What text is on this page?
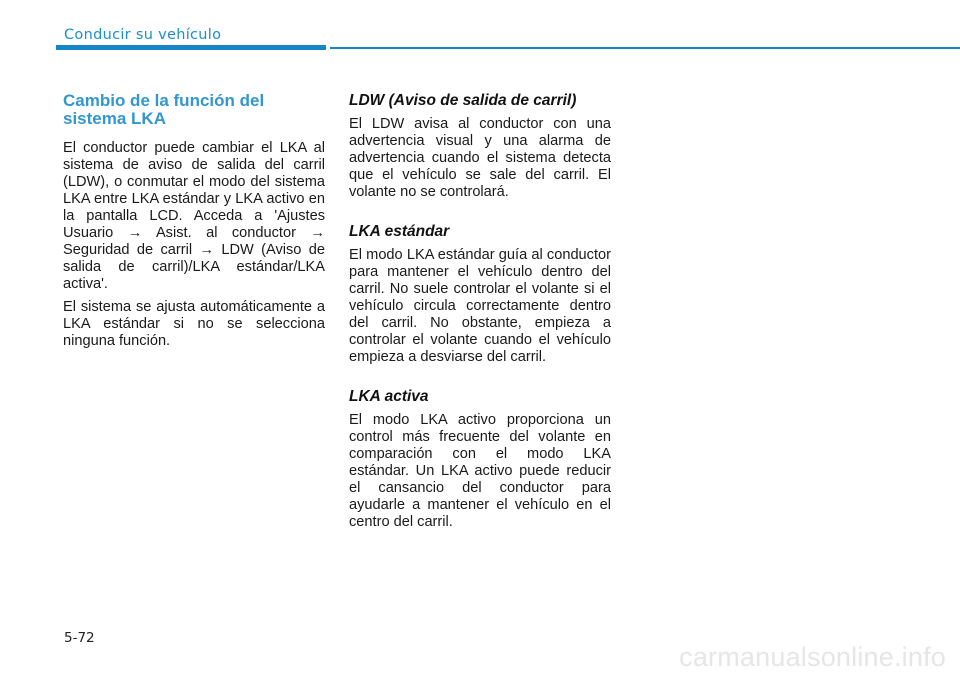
Conducir su vehículo
Cambio de la función del sistema LKA

El conductor puede cambiar el LKA al sistema de aviso de salida del carril (LDW), o conmutar el modo del sistema LKA entre LKA estándar y LKA activo en la pantalla LCD. Acceda a 'Ajustes Usuario → Asist. al conductor → Seguridad de carril → LDW (Aviso de salida de carril)/LKA estándar/LKA activa'.

El sistema se ajusta automáticamente a LKA estándar si no se selecciona ninguna función.

LDW (Aviso de salida de carril)

El LDW avisa al conductor con una advertencia visual y una alarma de advertencia cuando el sistema detecta que el vehículo se sale del carril. El volante no se controlará.

LKA estándar

El modo LKA estándar guía al conductor para mantener el vehículo dentro del carril. No suele controlar el volante si el vehículo circula correctamente dentro del carril. No obstante, empieza a controlar el volante cuando el vehículo empieza a desviarse del carril.

LKA activa

El modo LKA activo proporciona un control más frecuente del volante en comparación con el modo LKA estándar. Un LKA activo puede reducir el cansancio del conductor para ayudarle a mantener el vehículo en el centro del carril.

5-72
carmanualsonline.info
